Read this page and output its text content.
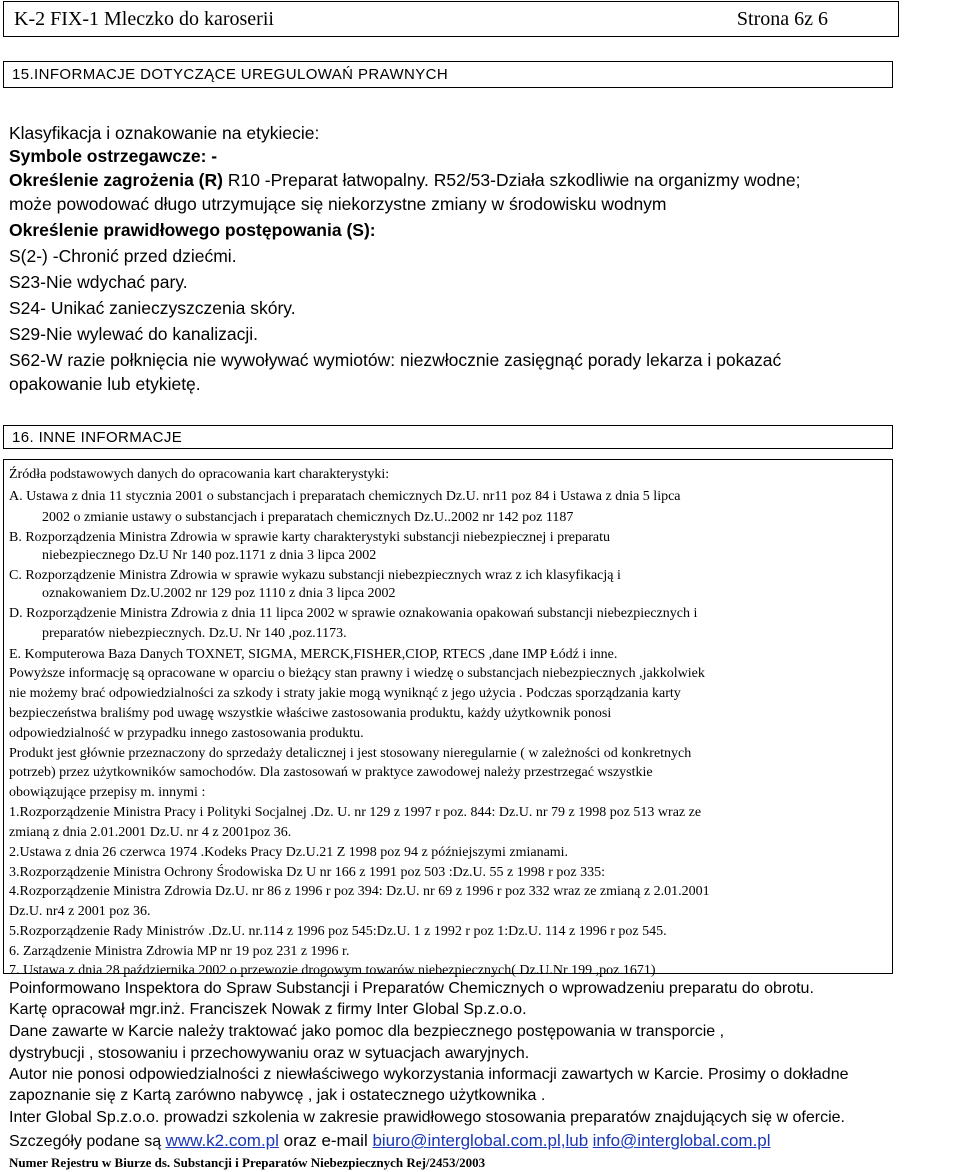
K-2 FIX-1 Mleczko do karoserii	Strona 6z 6
15.INFORMACJE DOTYCZĄCE UREGULOWAŃ PRAWNYCH
Klasyfikacja i oznakowanie na etykiecie:
Symbole ostrzegawcze: -
Określenie zagrożenia (R) R10 -Preparat łatwopalny. R52/53-Działa szkodliwie na organizmy wodne;
może powodować długo utrzymujące się niekorzystne zmiany w środowisku wodnym
Określenie prawidłowego postępowania (S):
S(2-) -Chronić przed dziećmi.
S23-Nie wdychać pary.
S24- Unikać zanieczyszczenia skóry.
S29-Nie wylewać do kanalizacji.
S62-W razie połknięcia nie wywoływać wymiotów: niezwłocznie zasięgnąć porady lekarza i pokazać
opakowanie lub etykietę.
16. INNE INFORMACJE
Źródła podstawowych danych do opracowania kart charakterystyki:
A. Ustawa z dnia 11 stycznia 2001 o substancjach i preparatach chemicznych Dz.U. nr11 poz 84 i Ustawa z dnia 5 lipca
2002 o zmianie ustawy o substancjach i preparatach chemicznych Dz.U..2002 nr 142 poz 1187
B. Rozporządzenia Ministra Zdrowia w sprawie karty charakterystyki substancji niebezpiecznej i preparatu
niebezpiecznego Dz.U Nr 140 poz.1171 z dnia 3 lipca 2002
C. Rozporządzenie Ministra Zdrowia w sprawie wykazu substancji niebezpiecznych wraz z ich klasyfikacją i
oznakowaniem Dz.U.2002 nr 129 poz 1110 z dnia 3 lipca 2002
D. Rozporządzenie Ministra Zdrowia z dnia 11 lipca 2002 w sprawie oznakowania opakowań substancji niebezpiecznych i
preparatów niebezpiecznych. Dz.U. Nr 140 ,poz.1173.
E. Komputerowa Baza Danych TOXNET, SIGMA, MERCK,FISHER,CIOP, RTECS ,dane IMP Łódź i inne.
Powyższe informację są opracowane w oparciu o bieżący stan prawny i wiedzę o substancjach niebezpiecznych ,jakkolwiek
nie możemy brać odpowiedzialności za szkody i straty jakie mogą wyniknąć z jego użycia . Podczas sporządzania karty
bezpieczeństwa braliśmy pod uwagę wszystkie właściwe zastosowania produktu, każdy użytkownik ponosi
odpowiedzialność w przypadku innego zastosowania produktu.
Produkt jest głównie przeznaczony do sprzedaży detalicznej i jest stosowany nieregularnie ( w zależności od konkretnych
potrzeb) przez użytkowników samochodów. Dla zastosowań w praktyce zawodowej należy przestrzegać wszystkie
obowiązujące przepisy m. innymi :
1.Rozporządzenie Ministra Pracy i Polityki Socjalnej .Dz. U. nr 129 z 1997 r poz. 844: Dz.U. nr 79 z 1998 poz 513 wraz ze
zmianą z dnia 2.01.2001 Dz.U. nr 4 z 2001poz 36.
2.Ustawa z dnia 26 czerwca 1974 .Kodeks Pracy Dz.U.21 Z 1998 poz 94 z późniejszymi zmianami.
3.Rozporządzenie Ministra Ochrony Środowiska Dz U nr 166 z 1991 poz 503 :Dz.U. 55 z 1998 r poz 335:
4.Rozporządzenie Ministra Zdrowia Dz.U. nr 86 z 1996 r poz 394: Dz.U. nr 69 z 1996 r poz 332 wraz ze zmianą z 2.01.2001
Dz.U. nr4 z 2001 poz 36.
5.Rozporządzenie Rady Ministrów .Dz.U. nr.114 z 1996 poz 545:Dz.U. 1 z 1992 r poz 1:Dz.U. 114 z 1996 r poz 545.
6. Zarządzenie Ministra Zdrowia MP nr 19 poz 231 z 1996 r.
7. Ustawa z dnia 28 października 2002 o przewozie drogowym towarów niebezpiecznych( Dz.U.Nr 199 ,poz 1671)
Poinformowano Inspektora do Spraw Substancji i Preparatów Chemicznych o wprowadzeniu preparatu do obrotu.
Kartę opracował mgr.inż. Franciszek Nowak z firmy Inter Global Sp.z.o.o.
Dane zawarte w Karcie należy traktować jako pomoc dla bezpiecznego postępowania w transporcie ,
dystrybucji , stosowaniu i przechowywaniu oraz w sytuacjach awaryjnych.
Autor nie ponosi odpowiedzialności z niewłaściwego wykorzystania informacji zawartych w Karcie. Prosimy o dokładne
zapoznanie się z Kartą zarówno nabywcę , jak i ostatecznego użytkownika .
Inter Global Sp.z.o.o. prowadzi szkolenia w zakresie prawidłowego stosowania preparatów znajdujących się w ofercie.
Szczegóły podane są www.k2.com.pl oraz e-mail biuro@interglobal.com.pl,lub info@interglobal.com.pl
Numer Rejestru w Biurze ds. Substancji i Preparatów Niebezpiecznych Rej/2453/2003
